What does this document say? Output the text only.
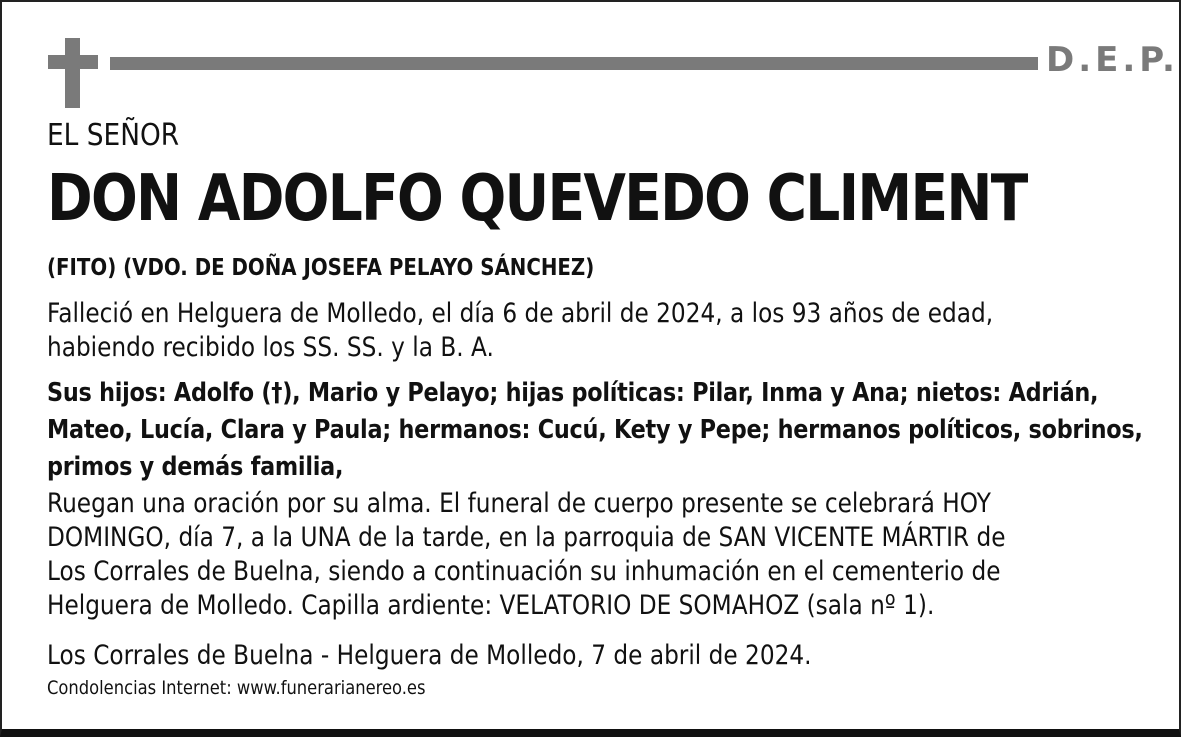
D.E.P.
EL SEÑOR
DON ADOLFO QUEVEDO CLIMENT
(FITO) (VDO. DE DOÑA JOSEFA PELAYO SÁNCHEZ)
Falleció en Helguera de Molledo, el día 6 de abril de 2024, a los 93 años de edad,
habiendo recibido los SS. SS. y la B. A.
Sus hijos: Adolfo (†), Mario y Pelayo; hijas políticas: Pilar, Inma y Ana; nietos: Adrián,
Mateo, Lucía, Clara y Paula; hermanos: Cucú, Kety y Pepe; hermanos políticos, sobrinos,
primos y demás familia,
Ruegan una oración por su alma. El funeral de cuerpo presente se celebrará HOY
DOMINGO, día 7, a la UNA de la tarde, en la parroquia de SAN VICENTE MÁRTIR de
Los Corrales de Buelna, siendo a continuación su inhumación en el cementerio de
Helguera de Molledo. Capilla ardiente: VELATORIO DE SOMAHOZ (sala nº 1).
Los Corrales de Buelna - Helguera de Molledo, 7 de abril de 2024.
Condolencias Internet: www.funerarianereo.es
